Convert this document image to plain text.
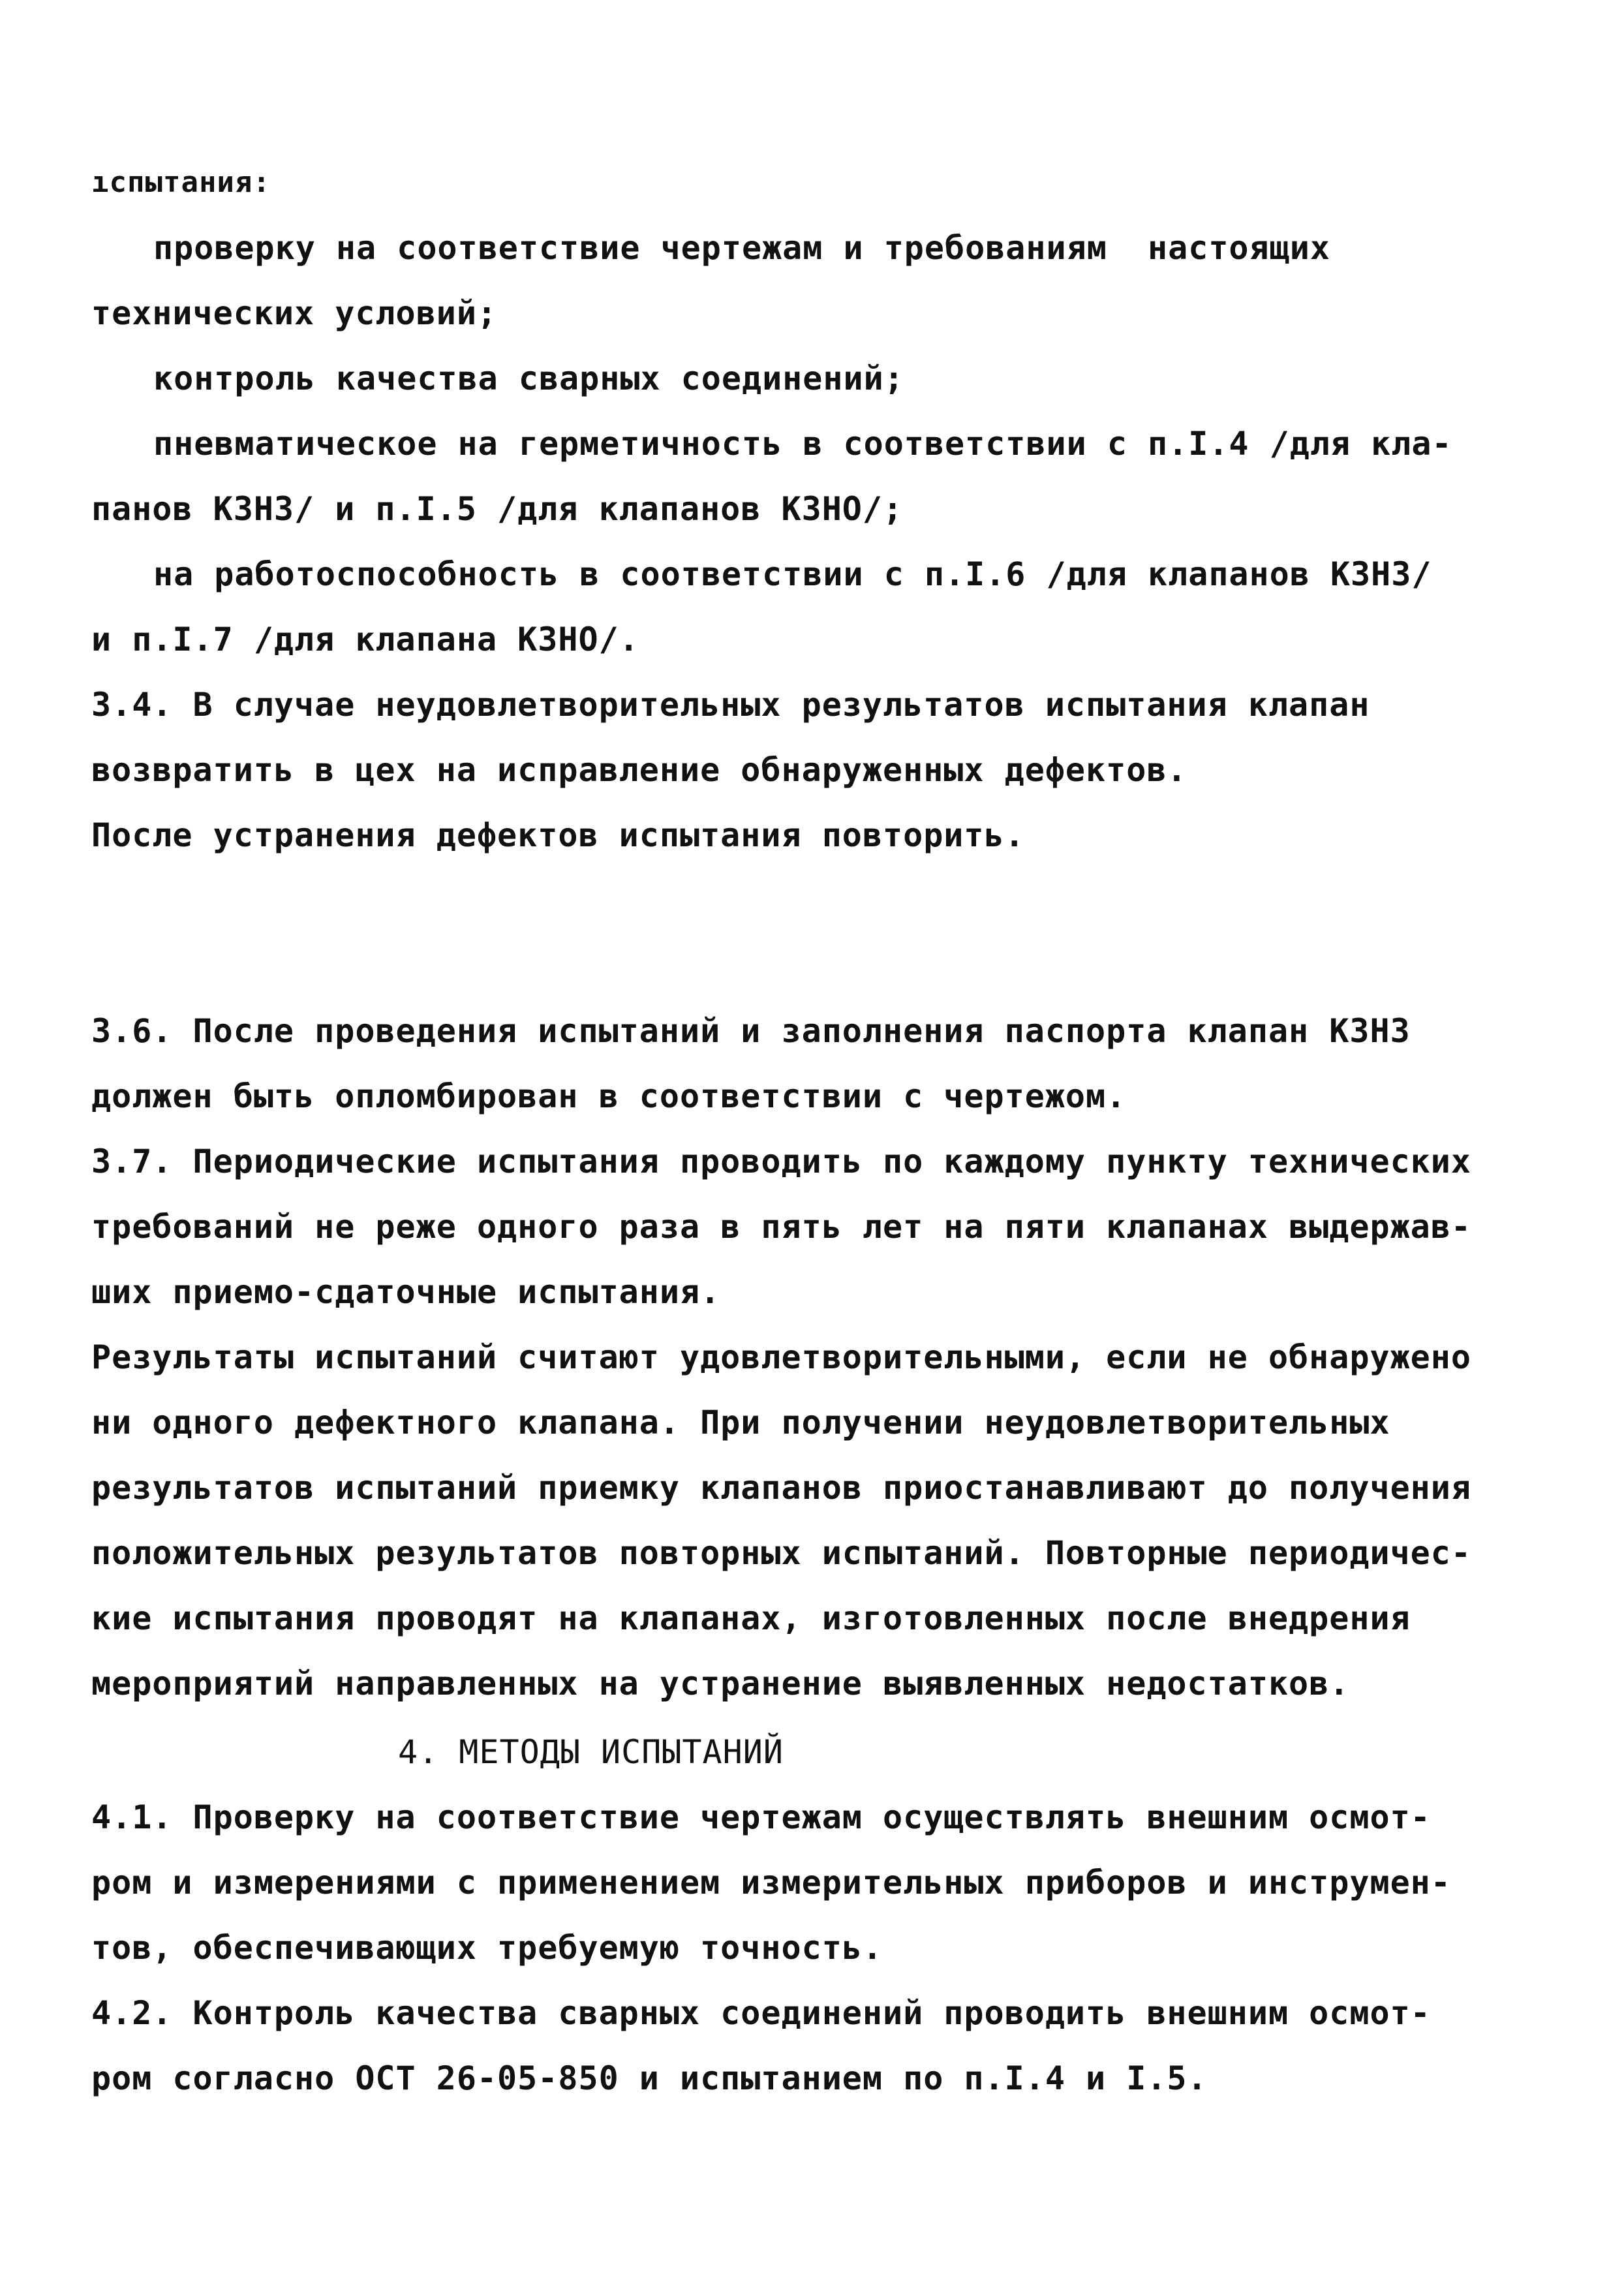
ıспытания:
проверку на соответствие чертежам и требованиям  настоящих
технических условий;
контроль качества сварных соединений;
пневматическое на герметичность в соответствии с п.I.4 /для кла-
панов КЗНЗ/ и п.I.5 /для клапанов КЗНО/;
на работоспособность в соответствии с п.I.6 /для клапанов КЗНЗ/
и п.I.7 /для клапана КЗНО/.
3.4. В случае неудовлетворительных результатов испытания клапан
возвратить в цех на исправление обнаруженных дефектов.
После устранения дефектов испытания повторить.
3.6. После проведения испытаний и заполнения паспорта клапан КЗНЗ
должен быть опломбирован в соответствии с чертежом.
3.7. Периодические испытания проводить по каждому пункту технических
требований не реже одного раза в пять лет на пяти клапанах выдержав-
ших приемо-сдаточные испытания.
Результаты испытаний считают удовлетворительными, если не обнаружено
ни одного дефектного клапана. При получении неудовлетворительных
результатов испытаний приемку клапанов приостанавливают до получения
положительных результатов повторных испытаний. Повторные периодичес-
кие испытания проводят на клапанах, изготовленных после внедрения
мероприятий направленных на устранение выявленных недостатков.
4. МЕТОДЫ ИСПЫТАНИЙ
4.1. Проверку на соответствие чертежам осуществлять внешним осмот-
ром и измерениями с применением измерительных приборов и инструмен-
тов, обеспечивающих требуемую точность.
4.2. Контроль качества сварных соединений проводить внешним осмот-
ром согласно ОСТ 26-05-850 и испытанием по п.I.4 и I.5.
